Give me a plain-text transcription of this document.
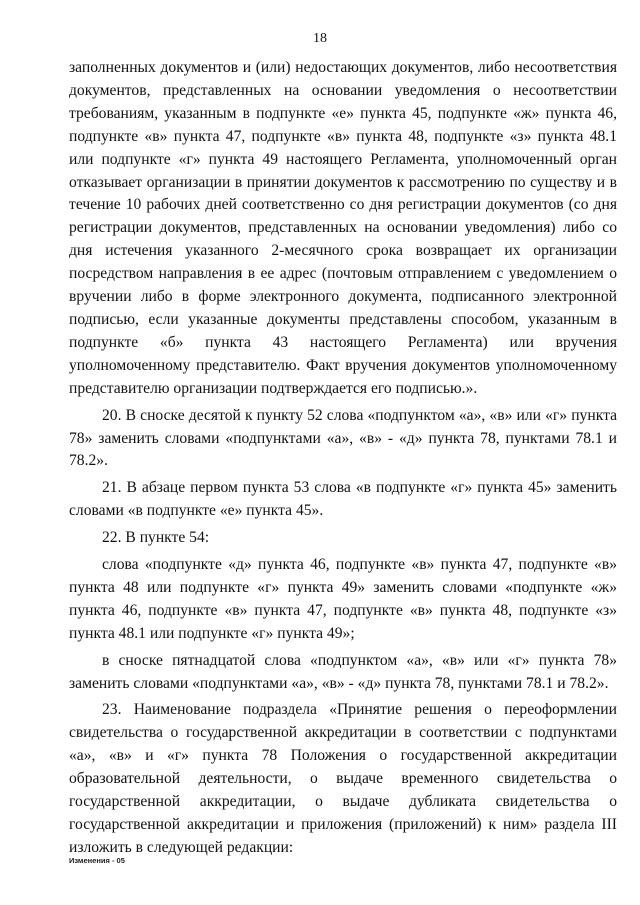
18

заполненных документов и (или) недостающих документов, либо несоответствия документов, представленных на основании уведомления о несоответствии требованиям, указанным в подпункте «е» пункта 45, подпункте «ж» пункта 46, подпункте «в» пункта 47, подпункте «в» пункта 48, подпункте «з» пункта 48.1 или подпункте «г» пункта 49 настоящего Регламента, уполномоченный орган отказывает организации в принятии документов к рассмотрению по существу и в течение 10 рабочих дней соответственно со дня регистрации документов (со дня регистрации документов, представленных на основании уведомления) либо со дня истечения указанного 2-месячного срока возвращает их организации посредством направления в ее адрес (почтовым отправлением с уведомлением о вручении либо в форме электронного документа, подписанного электронной подписью, если указанные документы представлены способом, указанным в подпункте «б» пункта 43 настоящего Регламента) или вручения уполномоченному представителю. Факт вручения документов уполномоченному представителю организации подтверждается его подписью.».

20. В сноске десятой к пункту 52 слова «подпунктом «а», «в» или «г» пункта 78» заменить словами «подпунктами «а», «в» - «д» пункта 78, пунктами 78.1 и 78.2».

21. В абзаце первом пункта 53 слова «в подпункте «г» пункта 45» заменить словами «в подпункте «е» пункта 45».

22. В пункте 54:

слова «подпункте «д» пункта 46, подпункте «в» пункта 47, подпункте «в» пункта 48 или подпункте «г» пункта 49» заменить словами «подпункте «ж» пункта 46, подпункте «в» пункта 47, подпункте «в» пункта 48, подпункте «з» пункта 48.1 или подпункте «г» пункта 49»;

в сноске пятнадцатой слова «подпунктом «а», «в» или «г» пункта 78» заменить словами «подпунктами «а», «в» - «д» пункта 78, пунктами 78.1 и 78.2».

23. Наименование подраздела «Принятие решения о переоформлении свидетельства о государственной аккредитации в соответствии с подпунктами «а», «в» и «г» пункта 78 Положения о государственной аккредитации образовательной деятельности, о выдаче временного свидетельства о государственной аккредитации, о выдаче дубликата свидетельства о государственной аккредитации и приложения (приложений) к ним» раздела III изложить в следующей редакции:

Изменения - 05
